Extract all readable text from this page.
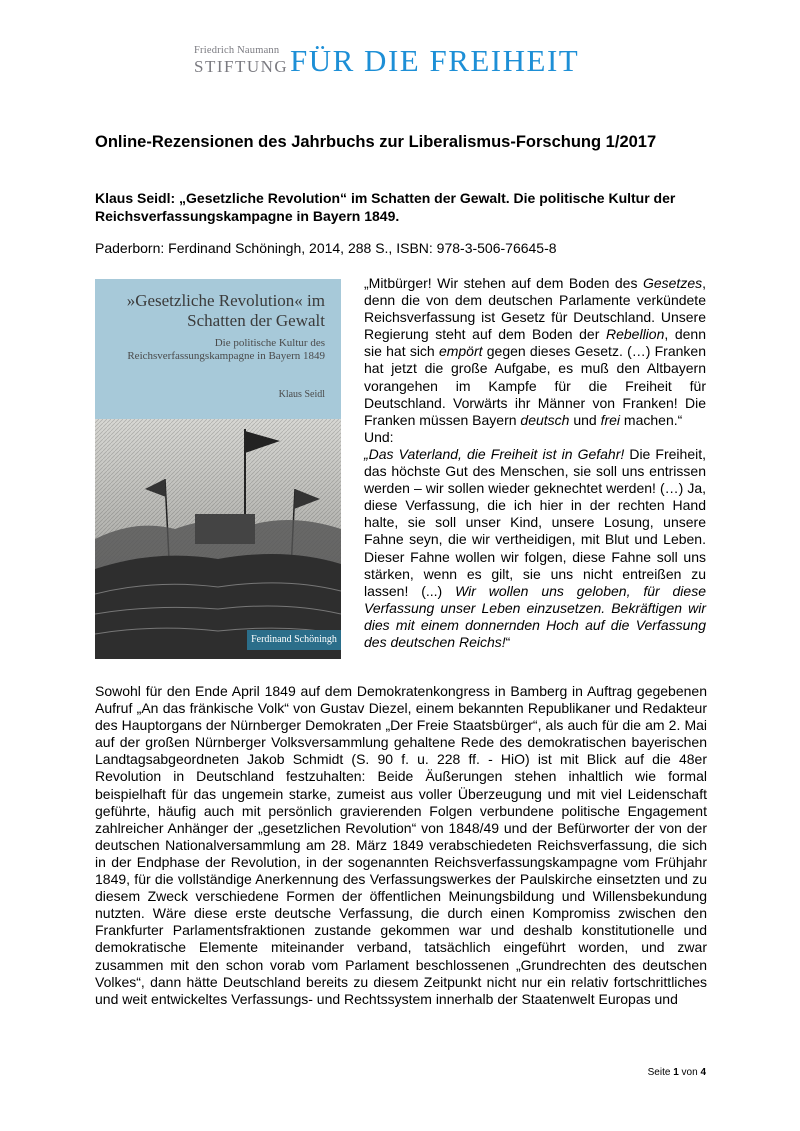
Friedrich Naumann
STIFTUNG FÜR DIE FREIHEIT
Online-Rezensionen des Jahrbuchs zur Liberalismus-Forschung 1/2017
Klaus Seidl: „Gesetzliche Revolution“ im Schatten der Gewalt. Die politische Kultur der Reichsverfassungskampagne in Bayern 1849.
Paderborn: Ferdinand Schöningh, 2014, 288 S., ISBN: 978-3-506-76645-8
»Gesetzliche Revolution« im Schatten der Gewalt
Die politische Kultur des Reichsverfassungskampagne in Bayern 1849
Klaus Seidl
Ferdinand Schöningh

„Mitbürger! Wir stehen auf dem Boden des Gesetzes, denn die von dem deutschen Parlamente verkündete Reichsverfassung ist Gesetz für Deutschland. Unsere Regierung steht auf dem Boden der Rebellion, denn sie hat sich empört gegen dieses Gesetz. (…) Franken hat jetzt die große Aufgabe, es muß den Altbayern vorangehen im Kampfe für die Freiheit für Deutschland. Vorwärts ihr Männer von Franken! Die Franken müssen Bayern deutsch und frei machen.“

Und:

„Das Vaterland, die Freiheit ist in Gefahr! Die Freiheit, das höchste Gut des Menschen, sie soll uns entrissen werden – wir sollen wieder geknechtet werden! (…) Ja, diese Verfassung, die ich hier in der rechten Hand halte, sie soll unser Kind, unsere Losung, unsere Fahne seyn, die wir vertheidigen, mit Blut und Leben. Dieser Fahne wollen wir folgen, diese Fahne soll uns stärken, wenn es gilt, sie uns nicht entreißen zu lassen! (...) Wir wollen uns geloben, für diese Verfassung unser Leben einzusetzen. Bekräftigen wir dies mit einem donnernden Hoch auf die Verfassung des deutschen Reichs!“

Sowohl für den Ende April 1849 auf dem Demokratenkongress in Bamberg in Auftrag gegebenen Aufruf „An das fränkische Volk“ von Gustav Diezel, einem bekannten Republikaner und Redakteur des Hauptorgans der Nürnberger Demokraten „Der Freie Staatsbürger“, als auch für die am 2. Mai auf der großen Nürnberger Volksversammlung gehaltene Rede des demokratischen bayerischen Landtagsabgeordneten Jakob Schmidt (S. 90 f. u. 228 ff. - HiO) ist mit Blick auf die 48er Revolution in Deutschland festzuhalten: Beide Äußerungen stehen inhaltlich wie formal beispielhaft für das ungemein starke, zumeist aus voller Überzeugung und mit viel Leidenschaft geführte, häufig auch mit persönlich gravierenden Folgen verbundene politische Engagement zahlreicher Anhänger der „gesetzlichen Revolution“ von 1848/49 und der Befürworter der von der deutschen Nationalversammlung am 28. März 1849 verabschiedeten Reichsverfassung, die sich in der Endphase der Revolution, in der sogenannten Reichsverfassungskampagne vom Frühjahr 1849, für die vollständige Anerkennung des Verfassungswerkes der Paulskirche einsetzten und zu diesem Zweck verschiedene Formen der öffentlichen Meinungsbildung und Willensbekundung nutzten. Wäre diese erste deutsche Verfassung, die durch einen Kompromiss zwischen den Frankfurter Parlamentsfraktionen zustande gekommen war und deshalb konstitutionelle und demokratische Elemente miteinander verband, tatsächlich eingeführt worden, und zwar zusammen mit den schon vorab vom Parlament beschlossenen „Grundrechten des deutschen Volkes“, dann hätte Deutschland bereits zu diesem Zeitpunkt nicht nur ein relativ fortschrittliches und weit entwickeltes Verfassungs- und Rechtssystem innerhalb der Staatenwelt Europas und

Seite 1 von 4
